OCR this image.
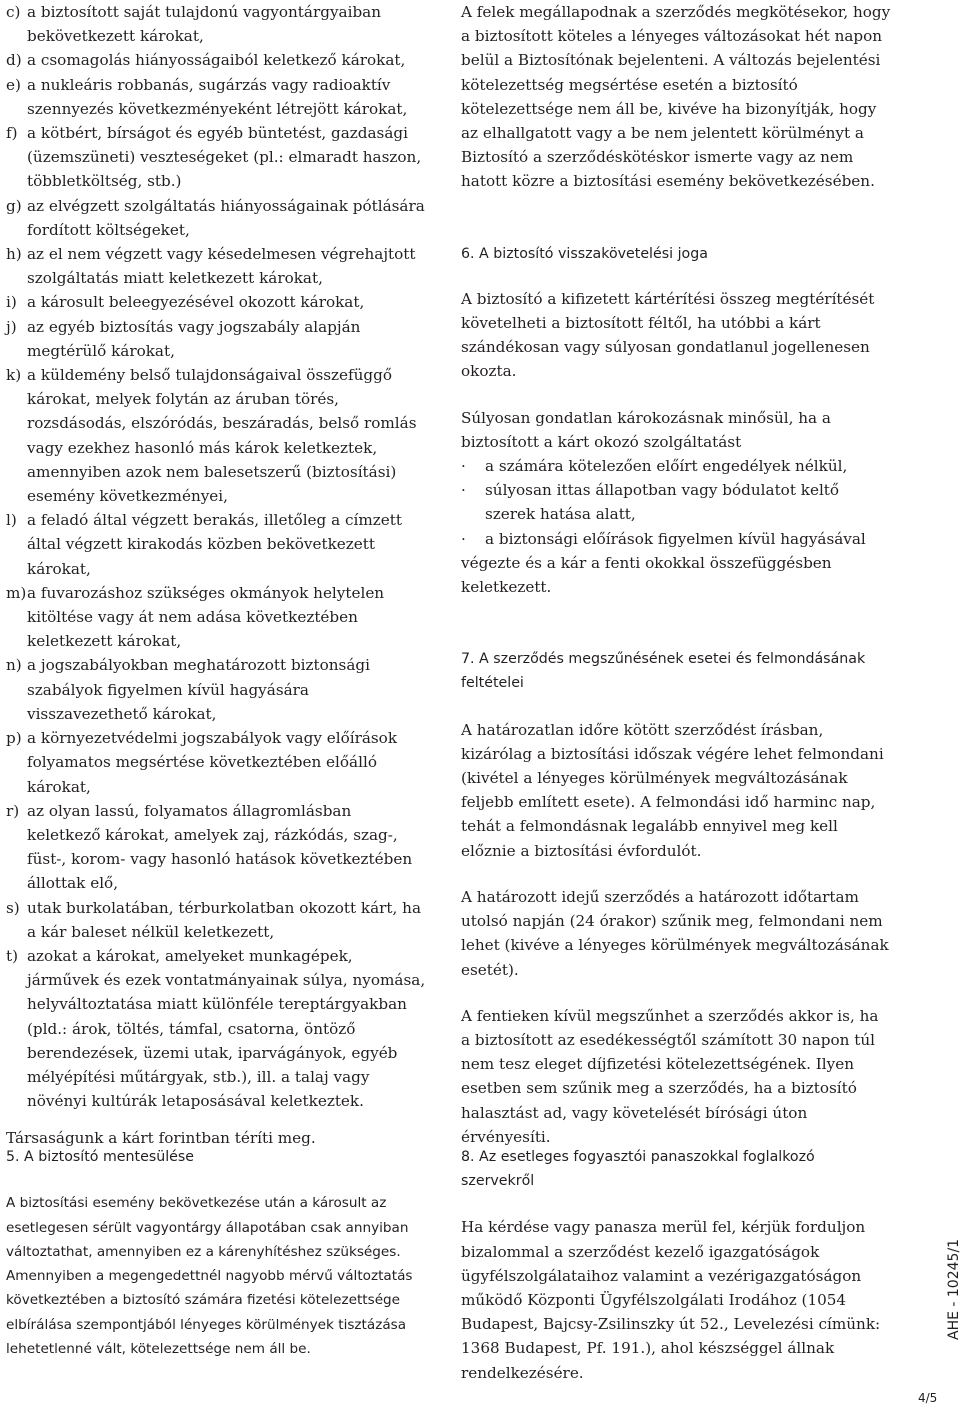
c) a biztosított saját tulajdonú vagyontárgyaiban bekövetkezett károkat,
d) a csomagolás hiányosságaiból keletkező károkat,
e) a nukleáris robbanás, sugárzás vagy radioaktív szennyezés következményeként létrejött károkat,
f) a kötbért, bírságot és egyéb büntetést, gazdasági (üzemszüneti) veszteségeket (pl.: elmaradt haszon, többletköltség, stb.)
g) az elvégzett szolgáltatás hiányosságainak pótlására fordított költségeket,
h) az el nem végzett vagy késedelmesen végrehajtott szolgáltatás miatt keletkezett károkat,
i) a károsult beleegyezésével okozott károkat,
j) az egyéb biztosítás vagy jogszabály alapján megtérülő károkat,
k) a küldemény belső tulajdonságaival összefüggő károkat, melyek folytán az áruban törés, rozsdásodás, elszóródás, beszáradás, belső romlás vagy ezekhez hasonló más károk keletkeztek, amennyiben azok nem balesetszerű (biztosítási) esemény következményei,
l) a feladó által végzett berakás, illetőleg a címzett által végzett kirakodás közben bekövetkezett károkat,
m) a fuvarozáshoz szükséges okmányok helytelen kitöltése vagy át nem adása következtében keletkezett károkat,
n) a jogszabályokban meghatározott biztonsági szabályok figyelmen kívül hagyására visszavezethető károkat,
p) a környezetvédelmi jogszabályok vagy előírások folyamatos megsértése következtében előálló károkat,
r) az olyan lassú, folyamatos állagromlásban keletkező károkat, amelyek zaj, rázkódás, szag-, füst-, korom- vagy hasonló hatások következtében állottak elő,
s) utak burkolatában, térburkolatban okozott kárt, ha a kár baleset nélkül keletkezett,
t) azokat a károkat, amelyeket munkagépek, járművek és ezek vontatmányainak súlya, nyomása, helyváltoztatása miatt különféle tereptárgyakban (pld.: árok, töltés, támfal, csatorna, öntöző berendezések, üzemi utak, iparvágányok, egyéb mélyépítési műtárgyak, stb.), ill. a talaj vagy növényi kultúrák letaposásával keletkeztek.

Társaságunk a kárt forintban téríti meg.

A felek megállapodnak a szerződés megkötésekor, hogy a biztosított köteles a lényeges változásokat hét napon belül a Biztosítónak bejelenteni. A változás bejelentési kötelezettség megsértése esetén a biztosító kötelezettsége nem áll be, kivéve ha bizonyítják, hogy az elhallgatott vagy a be nem jelentett körülményt a Biztosító a szerződéskötéskor ismerte vagy az nem hatott közre a biztosítási esemény bekövetkezésében.

6. A biztosító visszakövetelési joga

A biztosító a kifizetett kártérítési összeg megtérítését követelheti a biztosított féltől, ha utóbbi a kárt szándékosan vagy súlyosan gondatlanul jogellenesen okozta.

Súlyosan gondatlan károkozásnak minősül, ha a biztosított a kárt okozó szolgáltatást

·	a számára kötelezően előírt engedélyek nélkül,
·	súlyosan ittas állapotban vagy bódulatot keltő szerek hatása alatt,
·	a biztonsági előírások figyelmen kívül hagyásával

végezte és a kár a fenti okokkal összefüggésben keletkezett.

7. A szerződés megszűnésének esetei és felmondásának feltételei

A határozatlan időre kötött szerződést írásban, kizárólag a biztosítási időszak végére lehet felmondani (kivétel a lényeges körülmények megváltozásának feljebb említett esete). A felmondási idő harminc nap, tehát a felmondásnak legalább ennyivel meg kell előznie a biztosítási évfordulót.

A határozott idejű szerződés a határozott időtartam utolsó napján (24 órakor) szűnik meg, felmondani nem lehet (kivéve a lényeges körülmények megváltozásának esetét).

A fentieken kívül megszűnhet a szerződés akkor is, ha a biztosított az esedékességtől számított 30 napon túl nem tesz eleget díjfizetési kötelezettségének. Ilyen esetben sem szűnik meg a szerződés, ha a biztosító halasztást ad, vagy követelését bírósági úton érvényesíti.

5. A biztosító mentesülése

A biztosítási esemény bekövetkezése után a károsult az esetlegesen sérült vagyontárgy állapotában csak annyiban változtathat, amennyiben ez a kárenyhítéshez szükséges. Amennyiben a megengedettnél nagyobb mérvű változtatás következtében a biztosító számára fizetési kötelezettsége elbírálása szempontjából lényeges körülmények tisztázása lehetetlenné vált, kötelezettsége nem áll be.

8. Az esetleges fogyasztói panaszokkal foglalkozó szervekről

Ha kérdése vagy panasza merül fel, kérjük forduljon bizalommal a szerződést kezelő igazgatóságok ügyfélszolgálataihoz valamint a vezérigazgatóságon működő Központi Ügyfélszolgálati Irodához (1054 Budapest, Bajcsy-Zsilinszky út 52., Levelezési címünk: 1368 Budapest, Pf. 191.), ahol készséggel állnak rendelkezésére.

AHE - 10245/1
4/5
